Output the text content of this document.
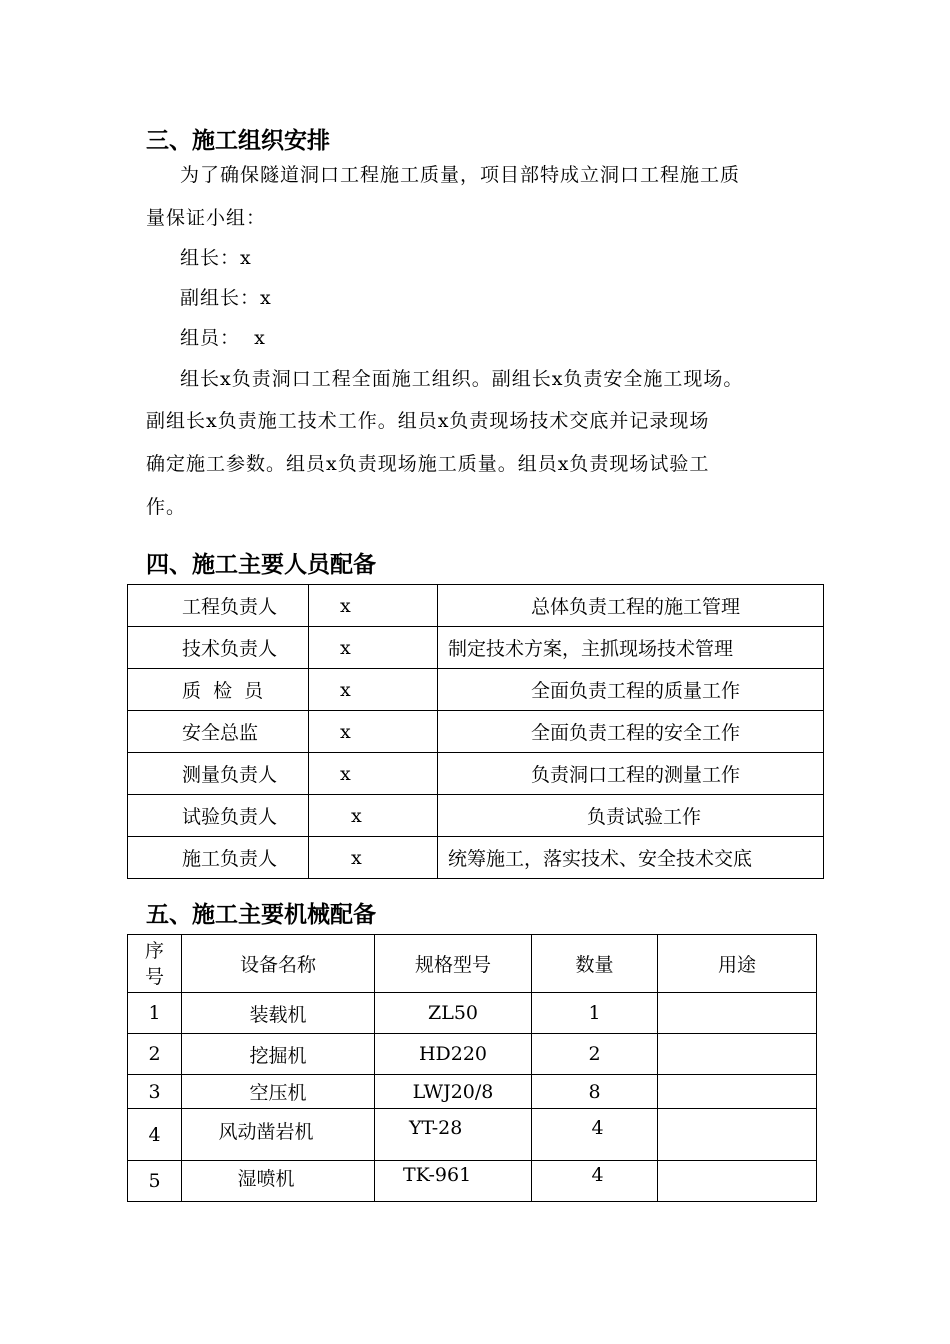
三、施工组织安排
为了确保隧道洞口工程施工质量，项目部特成立洞口工程施工质
量保证小组：
组长：x
副组长：x
组员：  x
组长x负责洞口工程全面施工组织。副组长x负责安全施工现场。
副组长x负责施工技术工作。组员x负责现场技术交底并记录现场
确定施工参数。组员x负责现场施工质量。组员x负责现场试验工
作。
四、施工主要人员配备
工程负责人	x	总体负责工程的施工管理
技术负责人	x	制定技术方案，主抓现场技术管理
质  检  员	x	全面负责工程的质量工作
安全总监	x	全面负责工程的安全工作
测量负责人	x	负责洞口工程的测量工作
试验负责人	x	负责试验工作
施工负责人	x	统筹施工，落实技术、安全技术交底
五、施工主要机械配备
序
号	设备名称	规格型号	数量	用途
1	装载机	ZL50	1	
2	挖掘机	HD220	2	
3	空压机	LWJ20/8	8	
4	风动凿岩机	YT-28	4	
5	湿喷机	TK-961	4	
